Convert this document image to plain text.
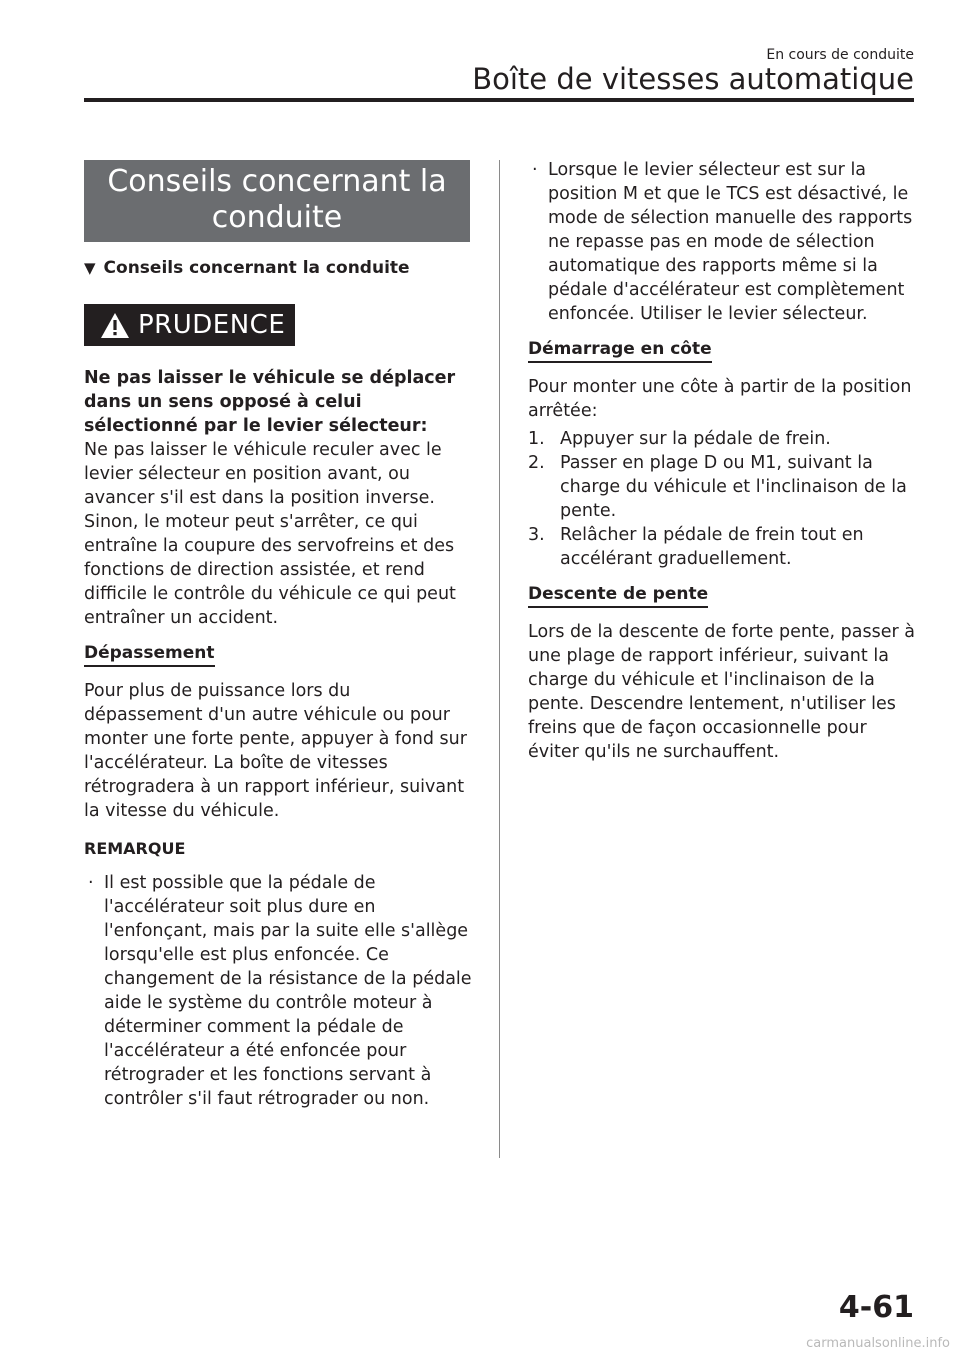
En cours de conduite
Boîte de vitesses automatique
Conseils concernant la
conduite
▼ Conseils concernant la conduite
PRUDENCE
Ne pas laisser le véhicule se déplacer dans un sens opposé à celui sélectionné par le levier sélecteur:
Ne pas laisser le véhicule reculer avec le levier sélecteur en position avant, ou avancer s'il est dans la position inverse. Sinon, le moteur peut s'arrêter, ce qui entraîne la coupure des servofreins et des fonctions de direction assistée, et rend difficile le contrôle du véhicule ce qui peut entraîner un accident.
Dépassement
Pour plus de puissance lors du dépassement d'un autre véhicule ou pour monter une forte pente, appuyer à fond sur l'accélérateur. La boîte de vitesses rétrogradera à un rapport inférieur, suivant la vitesse du véhicule.
REMARQUE
· Il est possible que la pédale de l'accélérateur soit plus dure en l'enfonçant, mais par la suite elle s'allège lorsqu'elle est plus enfoncée. Ce changement de la résistance de la pédale aide le système du contrôle moteur à déterminer comment la pédale de l'accélérateur a été enfoncée pour rétrograder et les fonctions servant à contrôler s'il faut rétrograder ou non.
· Lorsque le levier sélecteur est sur la position M et que le TCS est désactivé, le mode de sélection manuelle des rapports ne repasse pas en mode de sélection automatique des rapports même si la pédale d'accélérateur est complètement enfoncée. Utiliser le levier sélecteur.
Démarrage en côte
Pour monter une côte à partir de la position arrêtée:
1. Appuyer sur la pédale de frein.
2. Passer en plage D ou M1, suivant la charge du véhicule et l'inclinaison de la pente.
3. Relâcher la pédale de frein tout en accélérant graduellement.
Descente de pente
Lors de la descente de forte pente, passer à une plage de rapport inférieur, suivant la charge du véhicule et l'inclinaison de la pente. Descendre lentement, n'utiliser les freins que de façon occasionnelle pour éviter qu'ils ne surchauffent.
4-61
carmanualsonline.info
